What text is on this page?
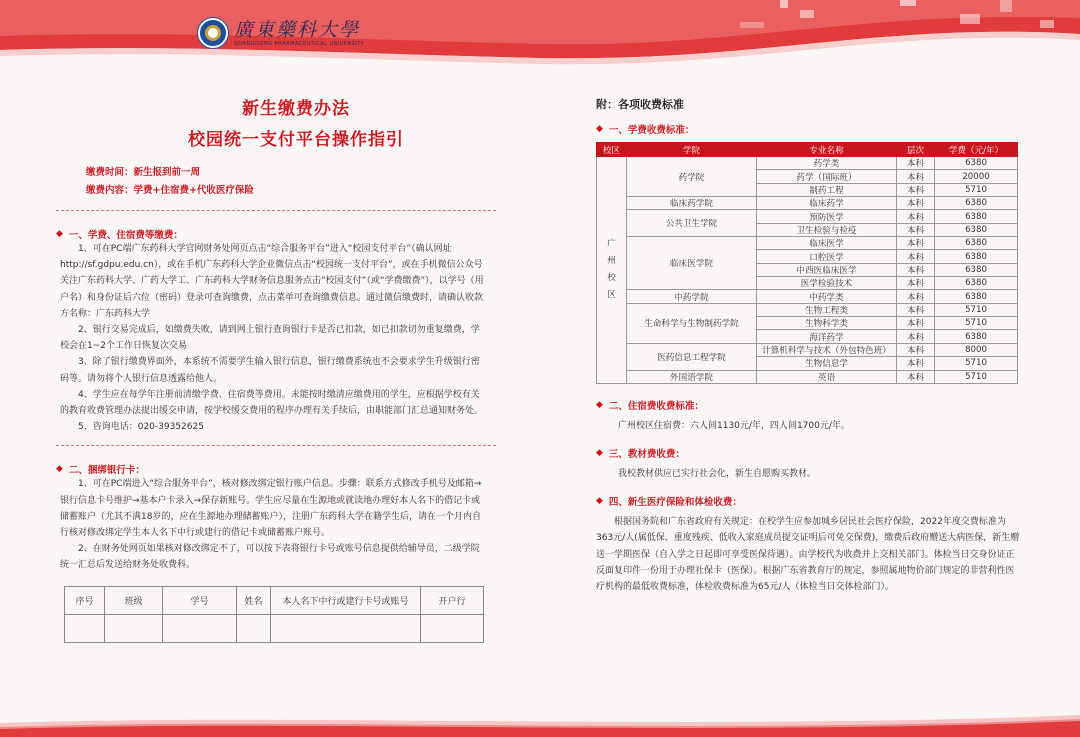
廣東藥科大學
GUANGDONG PHARMACEUTICAL UNIVERSITY
新生缴费办法
校园统一支付平台操作指引
缴费时间：新生报到前一周
缴费内容：学费+住宿费+代收医疗保险
◆ 一、学费、住宿费等缴费：

1、可在PC端广东药科大学官网财务处网页点击“综合服务平台”进入“校园支付平台”（确认网址http://sf.gdpu.edu.cn），或在手机广东药科大学企业微信点击“校园统一支付平台”，或在手机微信公众号关注广东药科大学、广药大学工、广东药科大学财务信息服务点击“校园支付”（或“学费缴费”），以学号（用户名）和身份证后六位（密码）登录可查询缴费，点击菜单可查询缴费信息。通过微信缴费时，请确认收款方名称：广东药科大学

2、银行交易完成后，如缴费失败，请到网上银行查询银行卡是否已扣款，如已扣款切勿重复缴费，学校会在1~2个工作日恢复次交易

3、除了银行缴费界面外，本系统不需要学生输入银行信息，银行缴费系统也不会要求学生升级银行密码等。请勿将个人银行信息透露给他人。

4、学生应在每学年注册前清缴学费、住宿费等费用。未能按时缴清应缴费用的学生，应根据学校有关的教育收费管理办法提出缓交申请，按学校缓交费用的程序办理有关手续后，由职能部门汇总通知财务处。

5、咨询电话：020-39352625

◆ 二、捆绑银行卡：

1、可在PC端进入“综合服务平台”，核对修改绑定银行账户信息。步骤：联系方式修改手机号及邮箱→银行信息卡号维护→基本户卡录入→保存新账号。学生应尽量在生源地或就读地办理好本人名下的借记卡或储蓄账户（尤其不满18岁的，应在生源地办理储蓄账户），注册广东药科大学在籍学生后，请在一个月内自行核对修改绑定学生本人名下中行或建行的借记卡或储蓄账户账号。

2、在财务处网页如果核对修改绑定不了，可以按下表将银行卡号或账号信息提供给辅导员，二级学院统一汇总后发送给财务处收费科。

序号	班级	学号	姓名	本人名下中行或建行卡号或账号	开户行

附：各项收费标准
◆ 一、学费收费标准：
校区	学院	专业名称	层次	学费（元/年）
广州校区	药学院	药学类	本科	6380
		药学（国际班）	本科	20000
		制药工程	本科	5710
	临床药学院	临床药学	本科	6380
	公共卫生学院	预防医学	本科	6380
		卫生检验与检疫	本科	6380
	临床医学院	临床医学	本科	6380
		口腔医学	本科	6380
		中西医临床医学	本科	6380
		医学检验技术	本科	6380
	中药学院	中药学类	本科	6380
	生命科学与生物制药学院	生物工程类	本科	5710
		生物科学类	本科	5710
		海洋药学	本科	6380
	医药信息工程学院	计算机科学与技术（外包特色班）	本科	8000
		生物信息学	本科	5710
	外国语学院	英语	本科	5710
◆ 二、住宿费收费标准：

广州校区住宿费：六人间1130元/年，四人间1700元/年。

◆ 三、教材费收费：

我校教材供应已实行社会化，新生自愿购买教材。

◆ 四、新生医疗保险和体检收费：

根据国务院和广东省政府有关规定：在校学生应参加城乡居民社会医疗保险，2022年度交费标准为363元/人(属低保、重度残疾、低收入家庭成员提交证明后可免交保费)，缴费后政府赠送大病医保，新生赠送一学期医保（自入学之日起即可享受医保待遇）。由学校代为收费并上交相关部门。体检当日交身份证正反面复印件一份用于办理社保卡（医保）。根据广东省教育厅的规定，参照属地物价部门规定的非营利性医疗机构的最低收费标准，体检收费标准为65元/人（体检当日交体检部门）。
